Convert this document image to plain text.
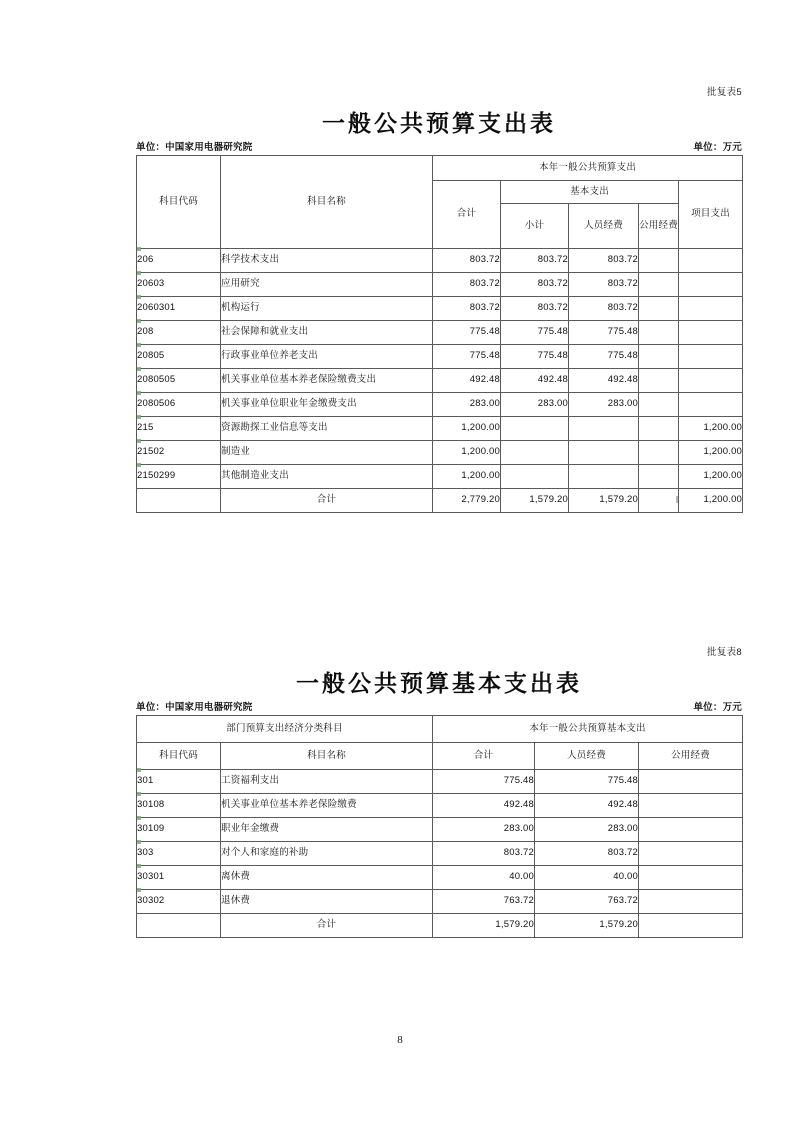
批复表5
一般公共预算支出表
单位：中国家用电器研究院	单位：万元
科目代码	科目名称	本年一般公共预算支出				
		合计	基本支出			项目支出
			小计	人员经费	公用经费	
206	科学技术支出	803.72	803.72	803.72		
20603	应用研究	803.72	803.72	803.72		
2060301	机构运行	803.72	803.72	803.72		
208	社会保障和就业支出	775.48	775.48	775.48		
20805	行政事业单位养老支出	775.48	775.48	775.48		
2080505	机关事业单位基本养老保险缴费支出	492.48	492.48	492.48		
2080506	机关事业单位职业年金缴费支出	283.00	283.00	283.00		
215	资源勘探工业信息等支出	1,200.00				1,200.00
21502	制造业	1,200.00				1,200.00
2150299	其他制造业支出	1,200.00				1,200.00
	合计	2,779.20	1,579.20	1,579.20		1,200.00
批复表8
一般公共预算基本支出表
单位：中国家用电器研究院	单位：万元
部门预算支出经济分类科目		本年一般公共预算基本支出		
科目代码	科目名称	合计	人员经费	公用经费
301	工资福利支出	775.48	775.48	
30108	机关事业单位基本养老保险缴费	492.48	492.48	
30109	职业年金缴费	283.00	283.00	
303	对个人和家庭的补助	803.72	803.72	
30301	离休费	40.00	40.00	
30302	退休费	763.72	763.72	
	合计	1,579.20	1,579.20	
8
